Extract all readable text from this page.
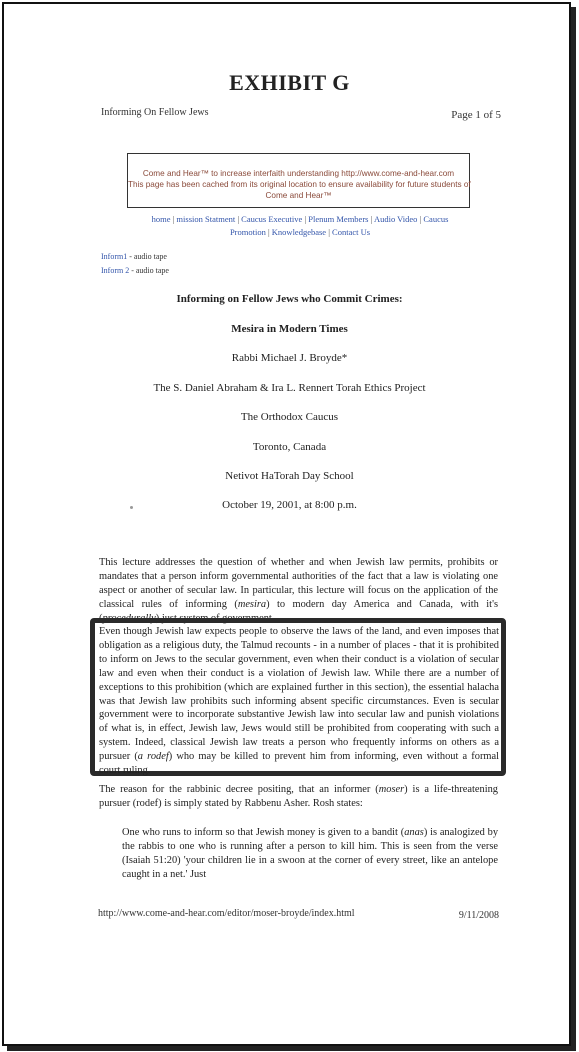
EXHIBIT G
Informing On Fellow Jews	Page 1 of 5
Come and Hear™ to increase interfaith understanding http://www.come-and-hear.com
This page has been cached from its original location to ensure availability for future students of
Come and Hear™
home | mission Statment | Caucus Executive | Plenum Members | Audio Video | Caucus
Promotion | Knowledgebase | Contact Us
Inform1 - audio tape
Inform 2 - audio tape
Informing on Fellow Jews who Commit Crimes:
Mesira in Modern Times
Rabbi Michael J. Broyde*
The S. Daniel Abraham & Ira L. Rennert Torah Ethics Project
The Orthodox Caucus
Toronto, Canada
Netivot HaTorah Day School
October 19, 2001, at 8:00 p.m.
This lecture addresses the question of whether and when Jewish law permits, prohibits or mandates that a person inform governmental authorities of the fact that a law is violating one aspect or another of secular law. In particular, this lecture will focus on the application of the classical rules of informing (mesira) to modern day America and Canada, with it's (procedurally) just system of government.
Even though Jewish law expects people to observe the laws of the land, and even imposes that obligation as a religious duty, the Talmud recounts - in a number of places - that it is prohibited to inform on Jews to the secular government, even when their conduct is a violation of secular law and even when their conduct is a violation of Jewish law. While there are a number of exceptions to this prohibition (which are explained further in this section), the essential halacha was that Jewish law prohibits such informing absent specific circumstances. Even is secular government were to incorporate substantive Jewish law into secular law and punish violations of what is, in effect, Jewish law, Jews would still be prohibited from cooperating with such a system. Indeed, classical Jewish law treats a person who frequently informs on others as a pursuer (a rodef) who may be killed to prevent him from informing, even without a formal court ruling.
The reason for the rabbinic decree positing, that an informer (moser) is a life-threatening pursuer (rodef) is simply stated by Rabbenu Asher. Rosh states:
One who runs to inform so that Jewish money is given to a bandit (anas) is analogized by the rabbis to one who is running after a person to kill him. This is seen from the verse (Isaiah 51:20) 'your children lie in a swoon at the corner of every street, like an antelope caught in a net.' Just
http://www.come-and-hear.com/editor/moser-broyde/index.html	9/11/2008
